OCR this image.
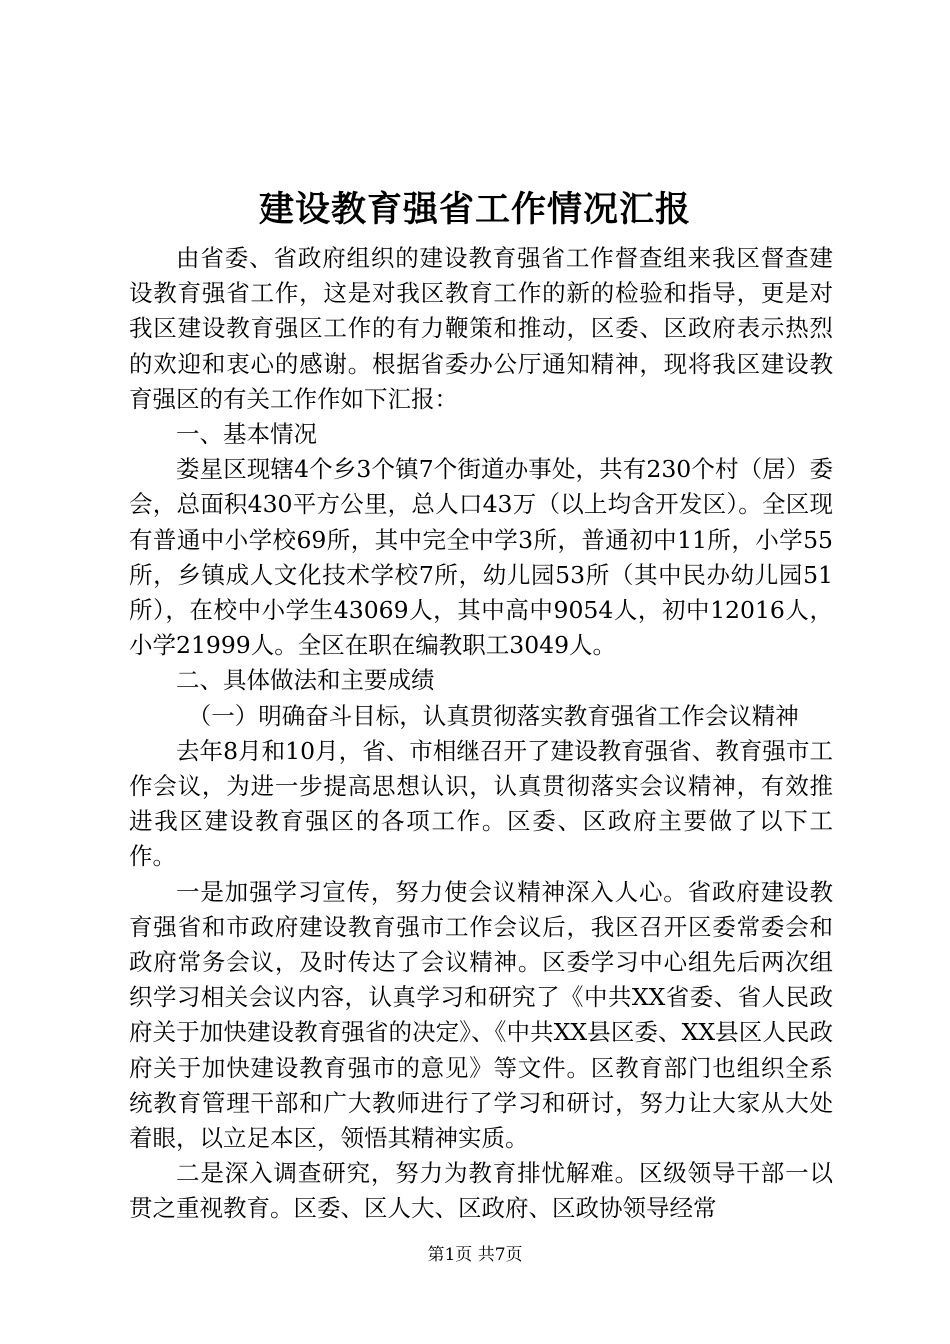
建设教育强省工作情况汇报

由省委、省政府组织的建设教育强省工作督查组来我区督查建设教育强省工作，这是对我区教育工作的新的检验和指导，更是对我区建设教育强区工作的有力鞭策和推动，区委、区政府表示热烈的欢迎和衷心的感谢。根据省委办公厅通知精神，现将我区建设教育强区的有关工作作如下汇报：

一、基本情况

娄星区现辖4个乡3个镇7个街道办事处，共有230个村（居）委会，总面积430平方公里，总人口43万（以上均含开发区）。全区现有普通中小学校69所，其中完全中学3所，普通初中11所，小学55所，乡镇成人文化技术学校7所，幼儿园53所（其中民办幼儿园51所），在校中小学生43069人，其中高中9054人，初中12016人，小学21999人。全区在职在编教职工3049人。

二、具体做法和主要成绩

（一）明确奋斗目标，认真贯彻落实教育强省工作会议精神

去年8月和10月，省、市相继召开了建设教育强省、教育强市工作会议，为进一步提高思想认识，认真贯彻落实会议精神，有效推进我区建设教育强区的各项工作。区委、区政府主要做了以下工作。

一是加强学习宣传，努力使会议精神深入人心。省政府建设教育强省和市政府建设教育强市工作会议后，我区召开区委常委会和政府常务会议，及时传达了会议精神。区委学习中心组先后两次组织学习相关会议内容，认真学习和研究了《中共XX省委、省人民政府关于加快建设教育强省的决定》、《中共XX县区委、XX县区人民政府关于加快建设教育强市的意见》等文件。区教育部门也组织全系统教育管理干部和广大教师进行了学习和研讨，努力让大家从大处着眼，以立足本区，领悟其精神实质。

二是深入调查研究，努力为教育排忧解难。区级领导干部一以贯之重视教育。区委、区人大、区政府、区政协领导经常

第1页 共7页
